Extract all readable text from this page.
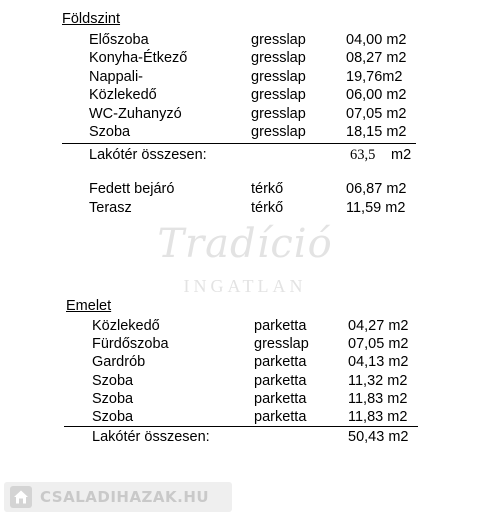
Tradíció
INGATLAN
Földszint
Előszoba	gresslap	04,00 m2
Konyha-Étkező	gresslap	08,27 m2
Nappali-	gresslap	19,76m2
Közlekedő	gresslap	06,00 m2
WC-Zuhanyzó	gresslap	07,05 m2
Szoba	gresslap	18,15 m2
Lakótér összesen:	63,5 m2
Fedett bejáró	térkő	06,87 m2
Terasz	térkő	11,59 m2
Emelet
Közlekedő	parketta	04,27 m2
Fürdőszoba	gresslap	07,05 m2
Gardrób	parketta	04,13 m2
Szoba	parketta	11,32 m2
Szoba	parketta	11,83 m2
Szoba	parketta	11,83 m2
Lakótér összesen:	50,43 m2
CSALADIHAZAK.HU
